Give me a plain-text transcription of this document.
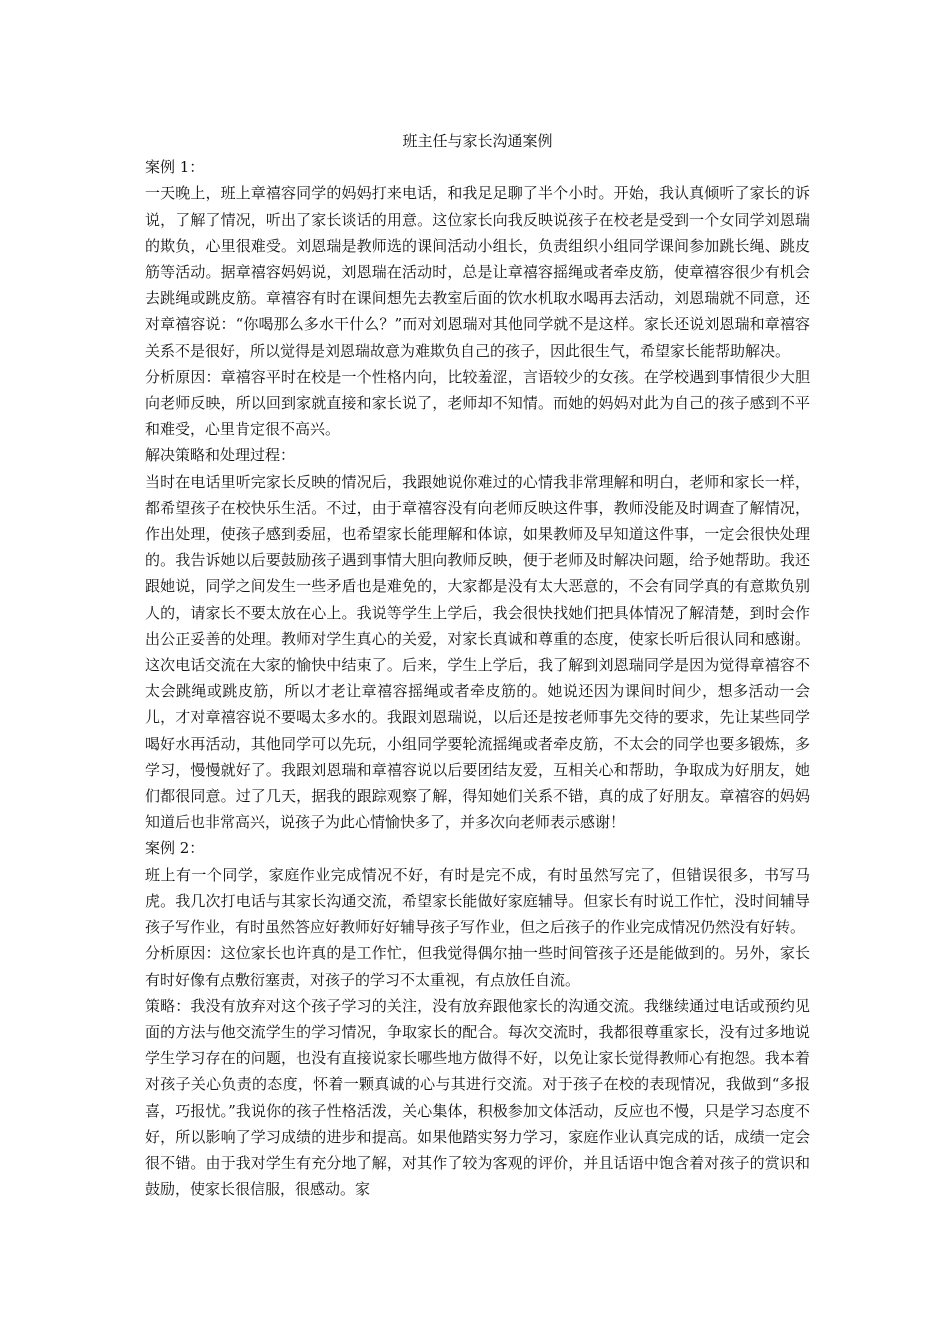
班主任与家长沟通案例

案例 1：

一天晚上，班上章禧容同学的妈妈打来电话，和我足足聊了半个小时。开始，我认真倾听了家长的诉说，了解了情况，听出了家长谈话的用意。这位家长向我反映说孩子在校老是受到一个女同学刘恩瑞的欺负，心里很难受。刘恩瑞是教师选的课间活动小组长，负责组织小组同学课间参加跳长绳、跳皮筋等活动。据章禧容妈妈说，刘恩瑞在活动时，总是让章禧容摇绳或者牵皮筋，使章禧容很少有机会去跳绳或跳皮筋。章禧容有时在课间想先去教室后面的饮水机取水喝再去活动，刘恩瑞就不同意，还对章禧容说：“你喝那么多水干什么？”而对刘恩瑞对其他同学就不是这样。家长还说刘恩瑞和章禧容关系不是很好，所以觉得是刘恩瑞故意为难欺负自己的孩子，因此很生气，希望家长能帮助解决。

分析原因：章禧容平时在校是一个性格内向，比较羞涩，言语较少的女孩。在学校遇到事情很少大胆向老师反映，所以回到家就直接和家长说了，老师却不知情。而她的妈妈对此为自己的孩子感到不平和难受，心里肯定很不高兴。

解决策略和处理过程：

当时在电话里听完家长反映的情况后，我跟她说你难过的心情我非常理解和明白，老师和家长一样，都希望孩子在校快乐生活。不过，由于章禧容没有向老师反映这件事，教师没能及时调查了解情况，作出处理，使孩子感到委屈，也希望家长能理解和体谅，如果教师及早知道这件事，一定会很快处理的。我告诉她以后要鼓励孩子遇到事情大胆向教师反映，便于老师及时解决问题，给予她帮助。我还跟她说，同学之间发生一些矛盾也是难免的，大家都是没有太大恶意的，不会有同学真的有意欺负别人的，请家长不要太放在心上。我说等学生上学后，我会很快找她们把具体情况了解清楚，到时会作出公正妥善的处理。教师对学生真心的关爱，对家长真诚和尊重的态度，使家长听后很认同和感谢。这次电话交流在大家的愉快中结束了。后来，学生上学后，我了解到刘恩瑞同学是因为觉得章禧容不太会跳绳或跳皮筋，所以才老让章禧容摇绳或者牵皮筋的。她说还因为课间时间少，想多活动一会儿，才对章禧容说不要喝太多水的。我跟刘恩瑞说，以后还是按老师事先交待的要求，先让某些同学喝好水再活动，其他同学可以先玩，小组同学要轮流摇绳或者牵皮筋，不太会的同学也要多锻炼，多学习，慢慢就好了。我跟刘恩瑞和章禧容说以后要团结友爱，互相关心和帮助，争取成为好朋友，她们都很同意。过了几天，据我的跟踪观察了解，得知她们关系不错，真的成了好朋友。章禧容的妈妈知道后也非常高兴，说孩子为此心情愉快多了，并多次向老师表示感谢！

案例 2：

班上有一个同学，家庭作业完成情况不好，有时是完不成，有时虽然写完了，但错误很多，书写马虎。我几次打电话与其家长沟通交流，希望家长能做好家庭辅导。但家长有时说工作忙，没时间辅导孩子写作业，有时虽然答应好教师好好辅导孩子写作业，但之后孩子的作业完成情况仍然没有好转。

分析原因：这位家长也许真的是工作忙，但我觉得偶尔抽一些时间管孩子还是能做到的。另外，家长有时好像有点敷衍塞责，对孩子的学习不太重视，有点放任自流。

策略：我没有放弃对这个孩子学习的关注，没有放弃跟他家长的沟通交流。我继续通过电话或预约见面的方法与他交流学生的学习情况，争取家长的配合。每次交流时，我都很尊重家长，没有过多地说学生学习存在的问题，也没有直接说家长哪些地方做得不好，以免让家长觉得教师心有抱怨。我本着对孩子关心负责的态度，怀着一颗真诚的心与其进行交流。对于孩子在校的表现情况，我做到“多报喜，巧报忧。”我说你的孩子性格活泼，关心集体，积极参加文体活动，反应也不慢，只是学习态度不好，所以影响了学习成绩的进步和提高。如果他踏实努力学习，家庭作业认真完成的话，成绩一定会很不错。由于我对学生有充分地了解，对其作了较为客观的评价，并且话语中饱含着对孩子的赏识和鼓励，使家长很信服，很感动。家
